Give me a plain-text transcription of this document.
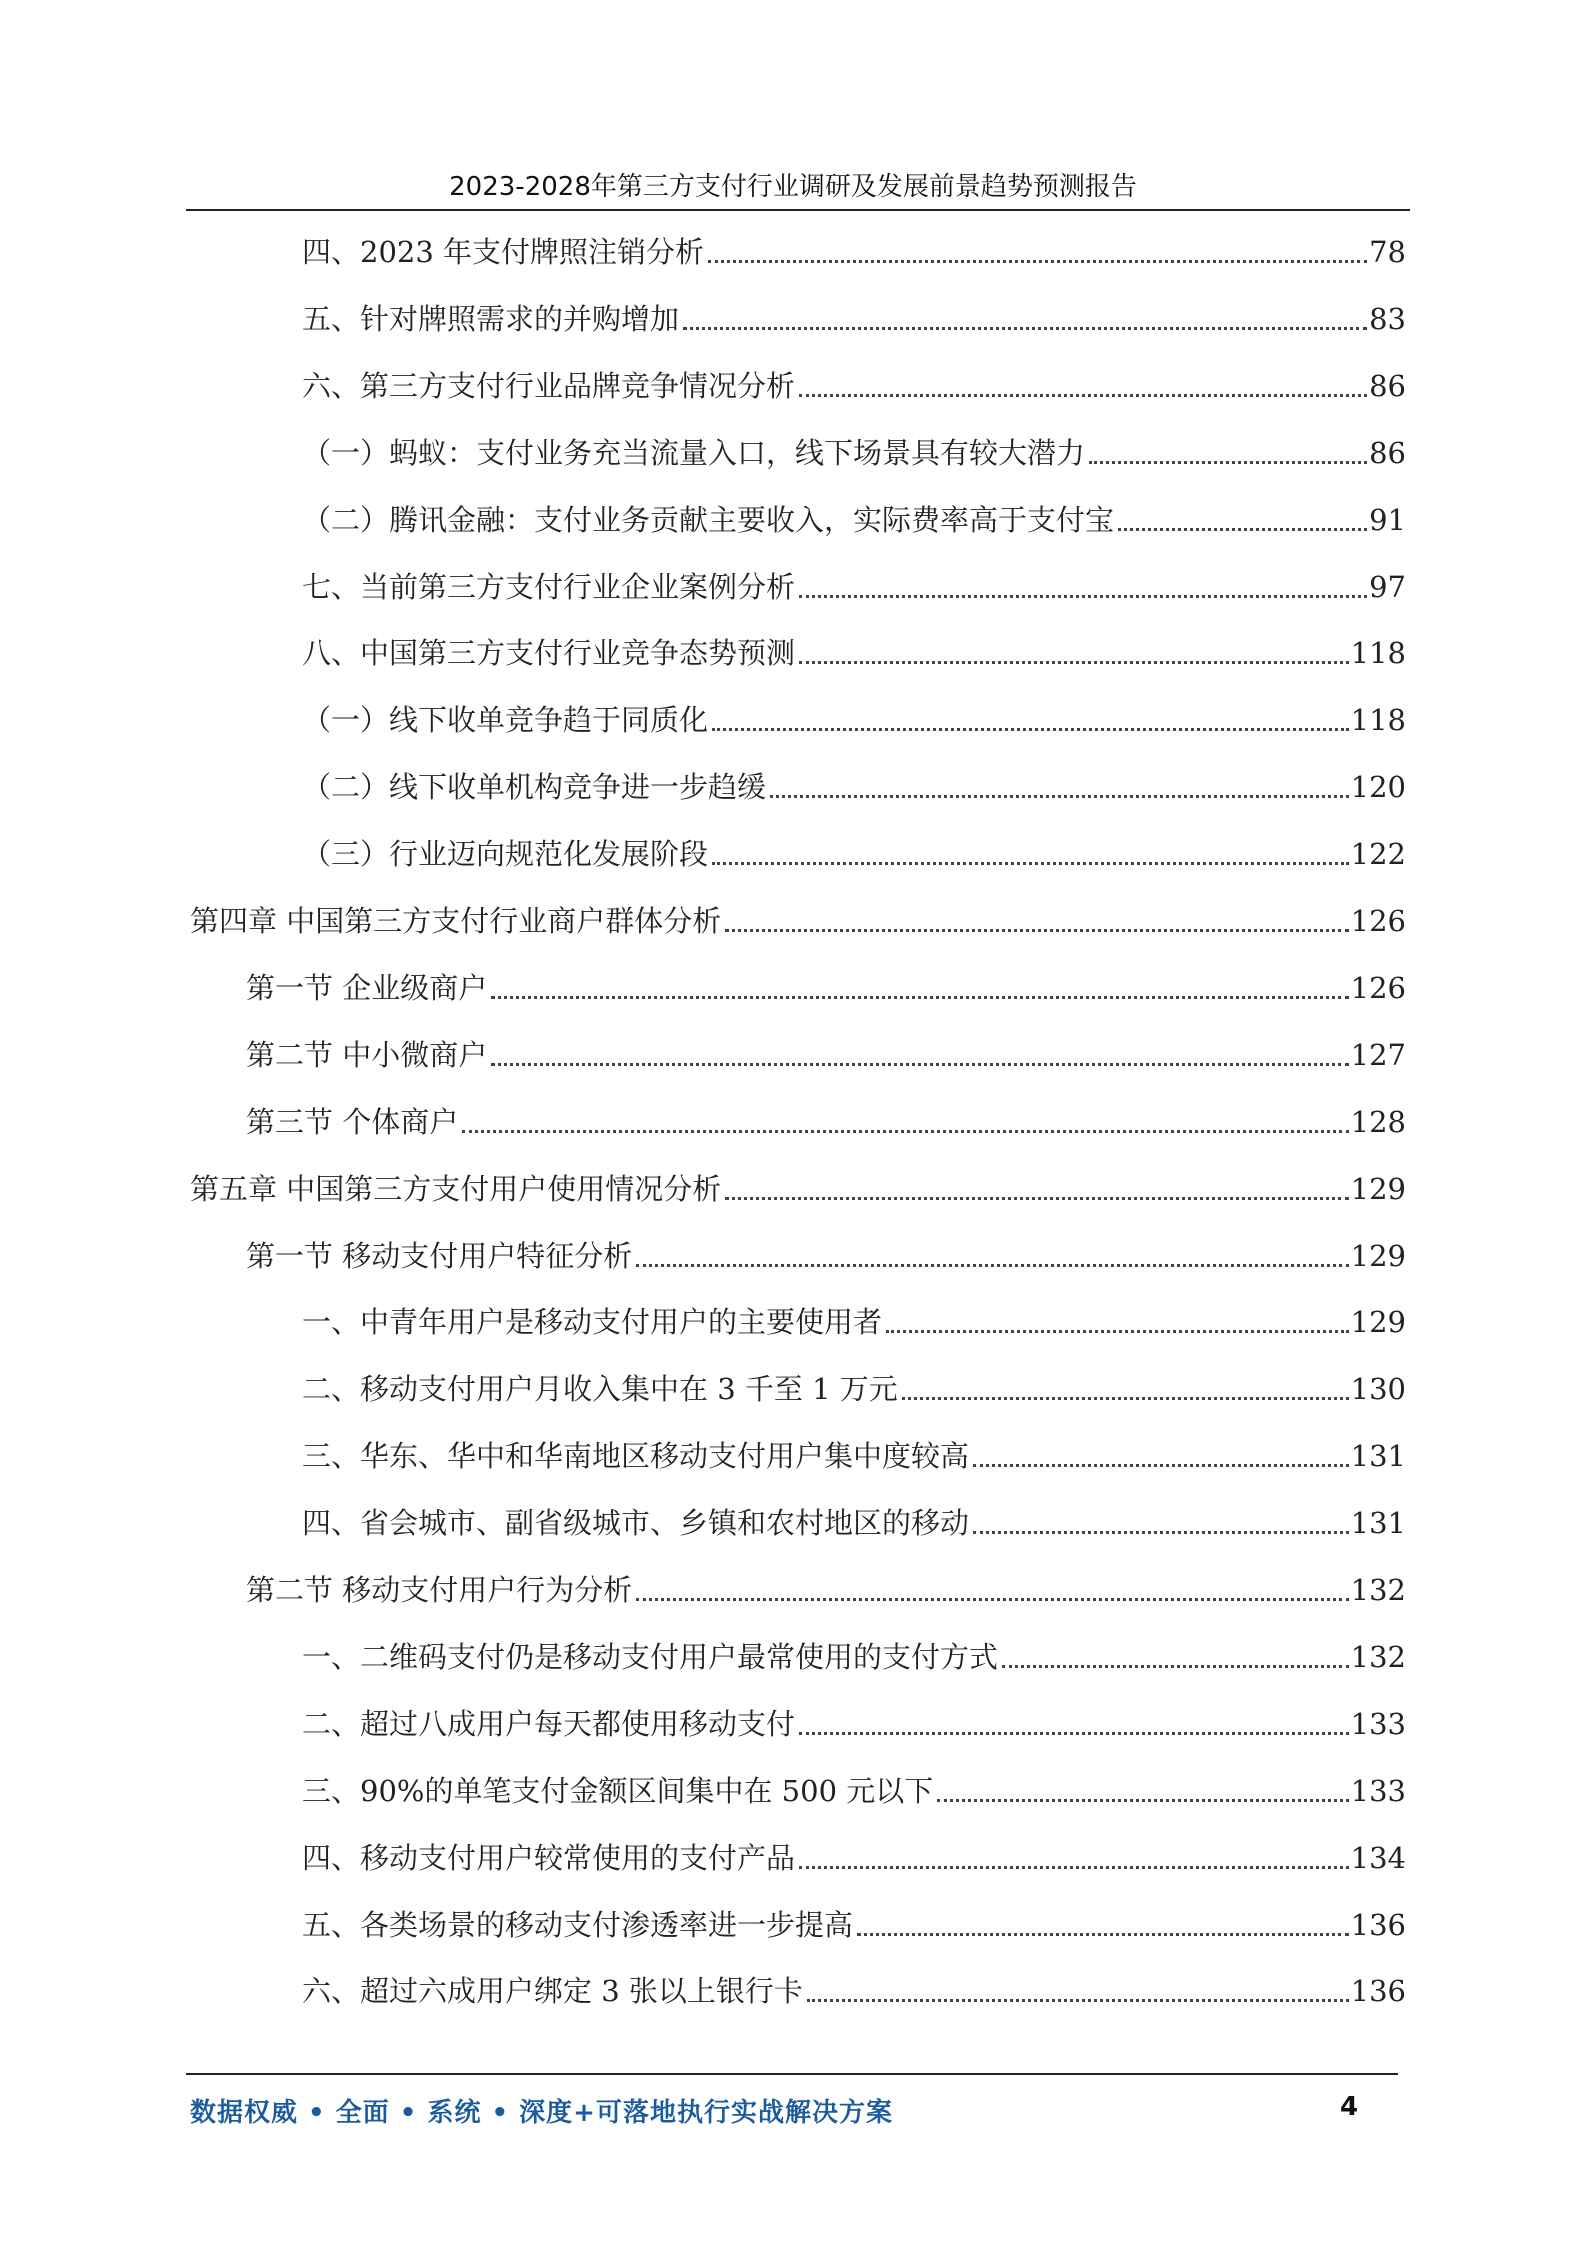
2023-2028年第三方支付行业调研及发展前景趋势预测报告
四、2023 年支付牌照注销分析	78
五、针对牌照需求的并购增加	83
六、第三方支付行业品牌竞争情况分析	86
（一）蚂蚁：支付业务充当流量入口，线下场景具有较大潜力	86
（二）腾讯金融：支付业务贡献主要收入，实际费率高于支付宝	91
七、当前第三方支付行业企业案例分析	97
八、中国第三方支付行业竞争态势预测	118
（一）线下收单竞争趋于同质化	118
（二）线下收单机构竞争进一步趋缓	120
（三）行业迈向规范化发展阶段	122
第四章 中国第三方支付行业商户群体分析	126
第一节 企业级商户	126
第二节 中小微商户	127
第三节 个体商户	128
第五章 中国第三方支付用户使用情况分析	129
第一节 移动支付用户特征分析	129
一、中青年用户是移动支付用户的主要使用者	129
二、移动支付用户月收入集中在 3 千至 1 万元	130
三、华东、华中和华南地区移动支付用户集中度较高	131
四、省会城市、副省级城市、乡镇和农村地区的移动	131
第二节 移动支付用户行为分析	132
一、二维码支付仍是移动支付用户最常使用的支付方式	132
二、超过八成用户每天都使用移动支付	133
三、90%的单笔支付金额区间集中在 500 元以下	133
四、移动支付用户较常使用的支付产品	134
五、各类场景的移动支付渗透率进一步提高	136
六、超过六成用户绑定 3 张以上银行卡	136
数据权威 • 全面 • 系统 • 深度+可落地执行实战解决方案	4
